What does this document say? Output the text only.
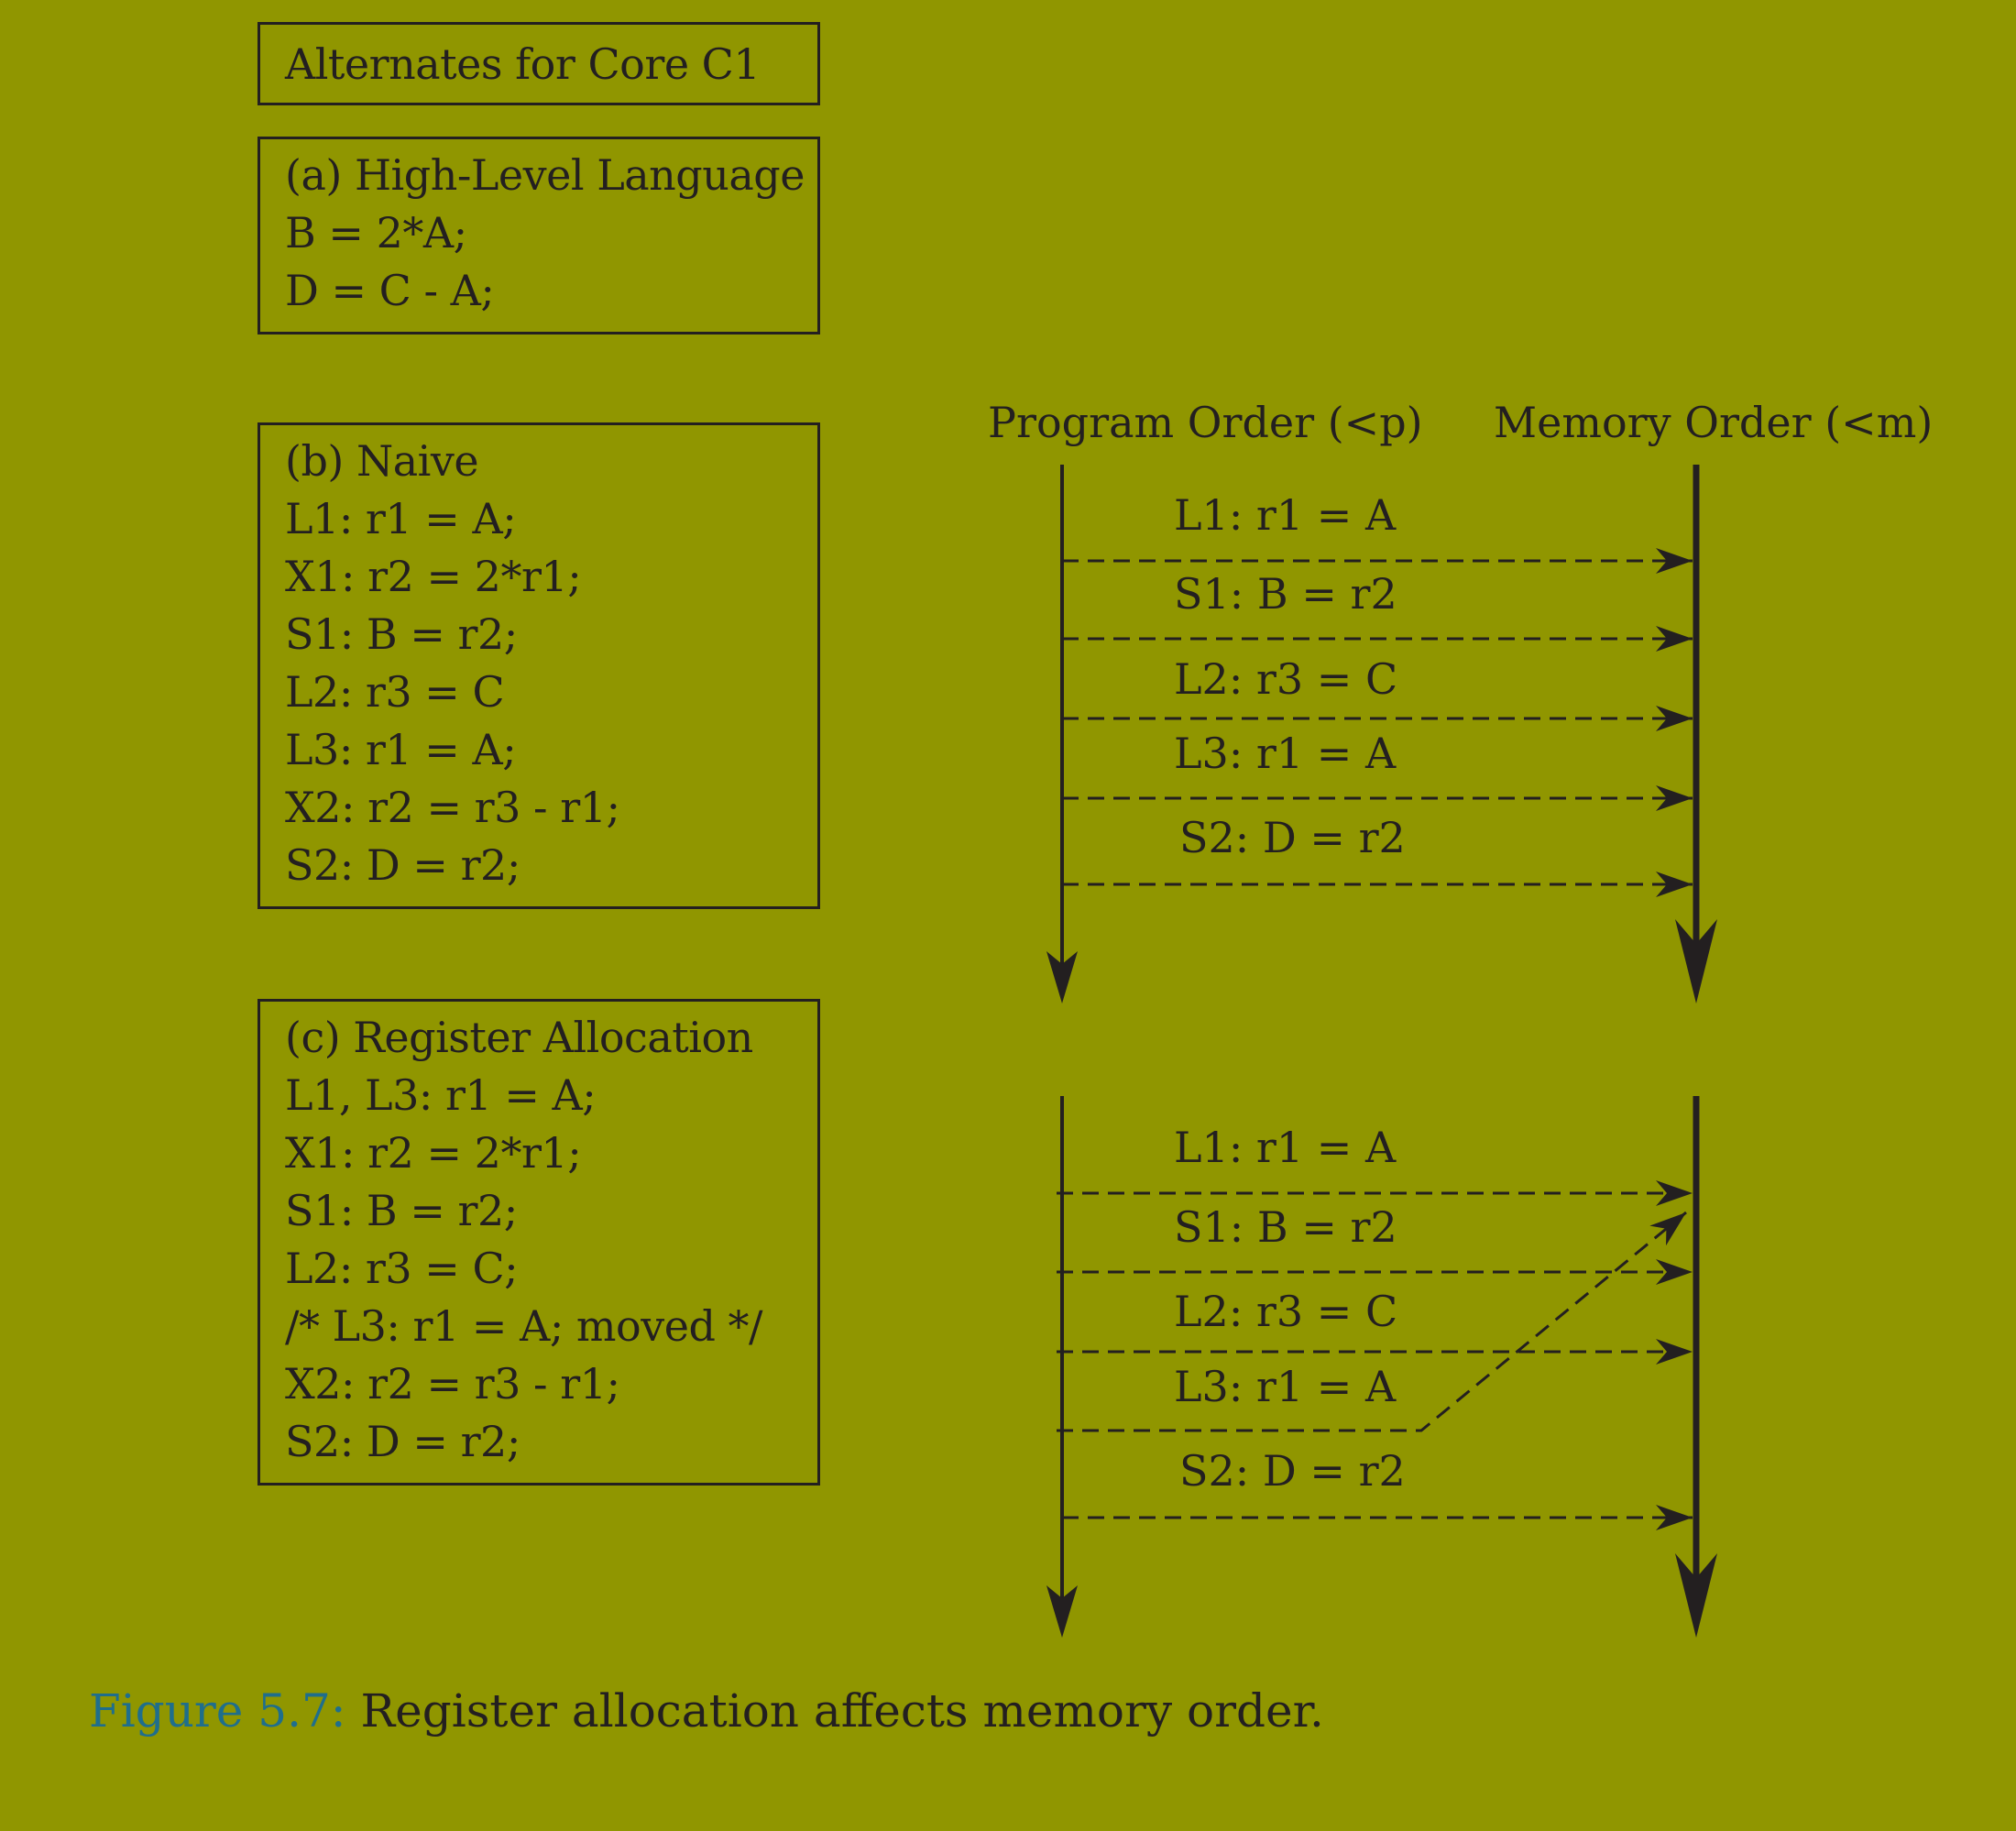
Alternates for Core C1
(a) High-Level Language
B = 2*A;
D = C - A;
(b) Naive
L1: r1 = A;
X1: r2 = 2*r1;
S1: B = r2;
L2: r3 = C
L3: r1 = A;
X2: r2 = r3 - r1;
S2: D = r2;
(c) Register Allocation
L1, L3: r1 = A;
X1: r2 = 2*r1;
S1: B = r2;
L2: r3 = C;
/* L3: r1 = A; moved */
X2: r2 = r3 - r1;
S2: D = r2;
Program Order (<p) Memory Order (<m)
L1: r1 = A
S1: B = r2
L2: r3 = C
L3: r1 = A
S2: D = r2
L1: r1 = A
S1: B = r2
L2: r3 = C
L3: r1 = A
S2: D = r2
Figure 5.7: Register allocation affects memory order.
